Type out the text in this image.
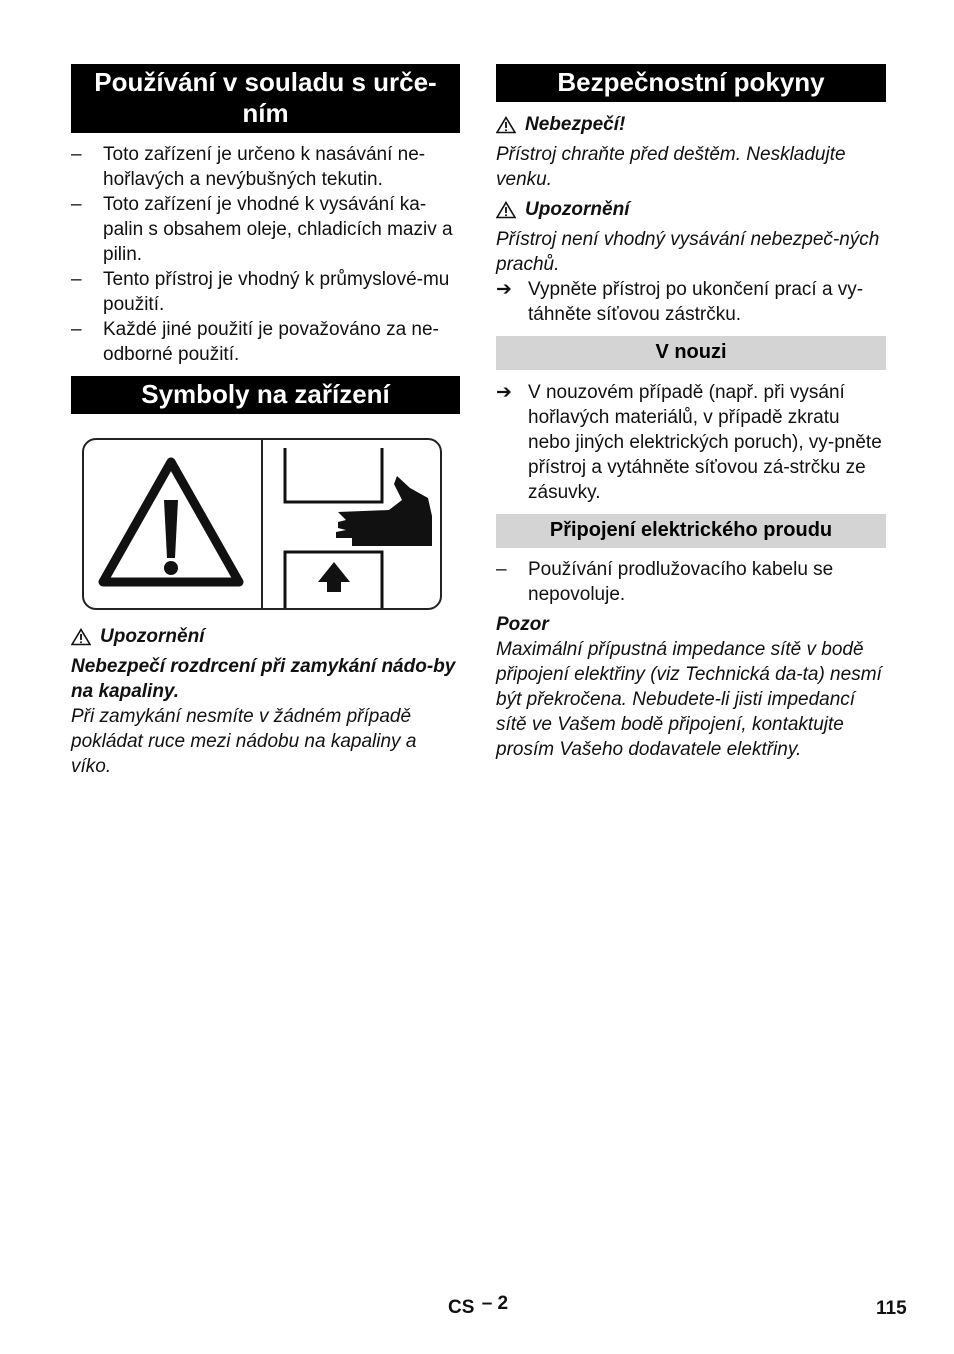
Používání v souladu s urče-
ním
– Toto zařízení je určeno k nasávání ne-hořlavých a nevýbušných tekutin.
– Toto zařízení je vhodné k vysávání ka-palin s obsahem oleje, chladicích maziv a pilin.
– Tento přístroj je vhodný k průmyslové-mu použití.
– Každé jiné použití je považováno za ne-odborné použití.
Symboly na zařízení
Upozornění

Nebezpečí rozdrcení při zamykání nádo-by na kapaliny.

Při zamykání nesmíte v žádném případě pokládat ruce mezi nádobu na kapaliny a víko.

Bezpečnostní pokyny
Nebezpečí!

Přístroj chraňte před deštěm. Neskladujte venku.

Upozornění

Přístroj není vhodný vysávání nebezpeč-ných prachů.

➔ Vypněte přístroj po ukončení prací a vy-táhněte síťovou zástrčku.
V nouzi
➔ V nouzovém případě (např. při vysání hořlavých materiálů, v případě zkratu nebo jiných elektrických poruch), vy-pněte přístroj a vytáhněte síťovou zá-strčku ze zásuvky.
Připojení elektrického proudu
– Používání prodlužovacího kabelu se nepovoluje.

Pozor

Maximální přípustná impedance sítě v bodě připojení elektřiny (viz Technická da-ta) nesmí být překročena. Nebudete-li jisti impedancí sítě ve Vašem bodě připojení, kontaktujte prosím Vašeho dodavatele elektřiny.

CS – 2	115
